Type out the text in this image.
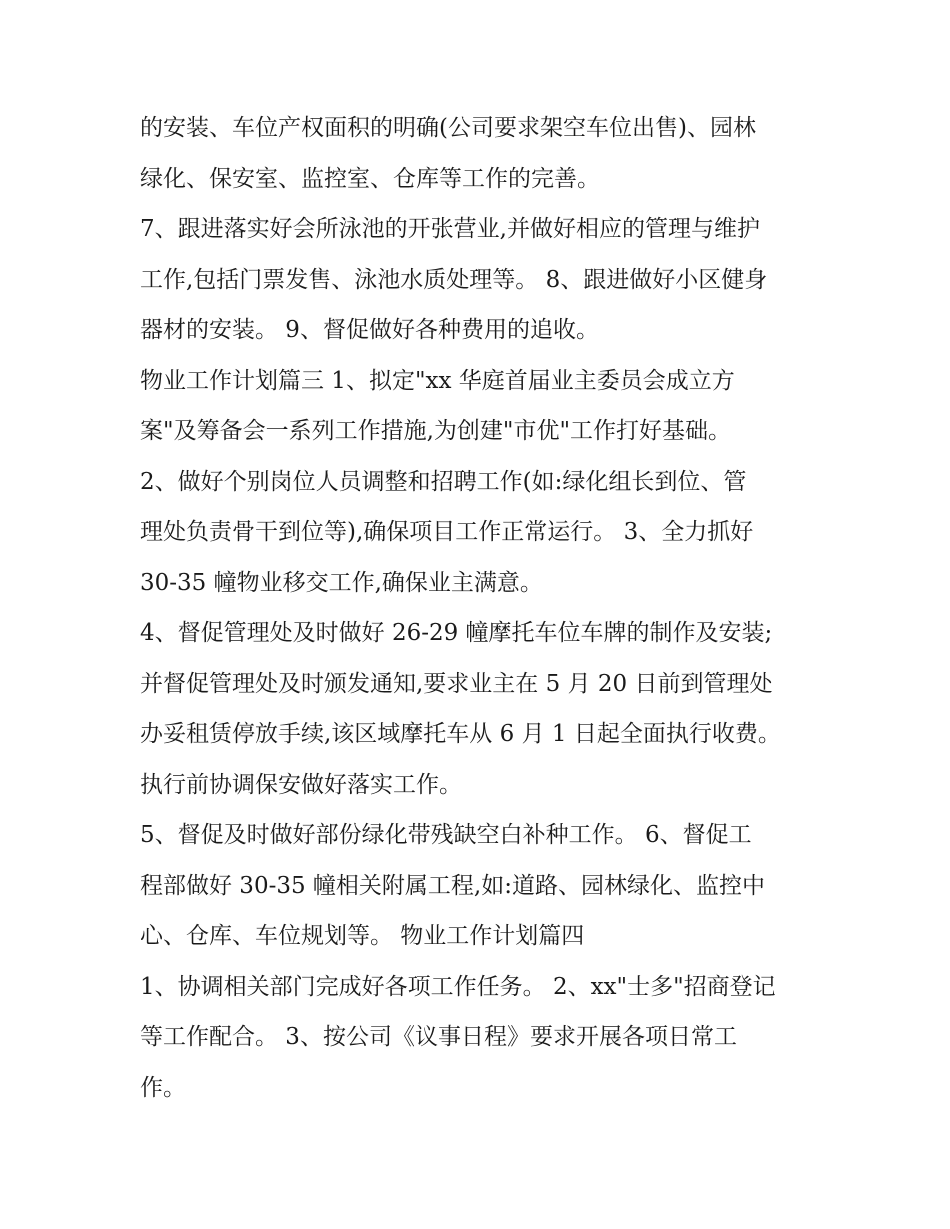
的安装、车位产权面积的明确(公司要求架空车位出售)、园林
绿化、保安室、监控室、仓库等工作的完善。
7、跟进落实好会所泳池的开张营业,并做好相应的管理与维护
工作,包括门票发售、泳池水质处理等。 8、跟进做好小区健身
器材的安装。 9、督促做好各种费用的追收。
物业工作计划篇三 1、拟定"xx 华庭首届业主委员会成立方
案"及筹备会一系列工作措施,为创建"市优"工作打好基础。
2、做好个别岗位人员调整和招聘工作(如:绿化组长到位、管
理处负责骨干到位等),确保项目工作正常运行。 3、全力抓好
30-35 幢物业移交工作,确保业主满意。
4、督促管理处及时做好 26-29 幢摩托车位车牌的制作及安装;
并督促管理处及时颁发通知,要求业主在 5 月 20 日前到管理处
办妥租赁停放手续,该区域摩托车从 6 月 1 日起全面执行收费。
执行前协调保安做好落实工作。
5、督促及时做好部份绿化带残缺空白补种工作。 6、督促工
程部做好 30-35 幢相关附属工程,如:道路、园林绿化、监控中
心、仓库、车位规划等。 物业工作计划篇四
1、协调相关部门完成好各项工作任务。 2、xx"士多"招商登记
等工作配合。 3、按公司《议事日程》要求开展各项日常工
作。
